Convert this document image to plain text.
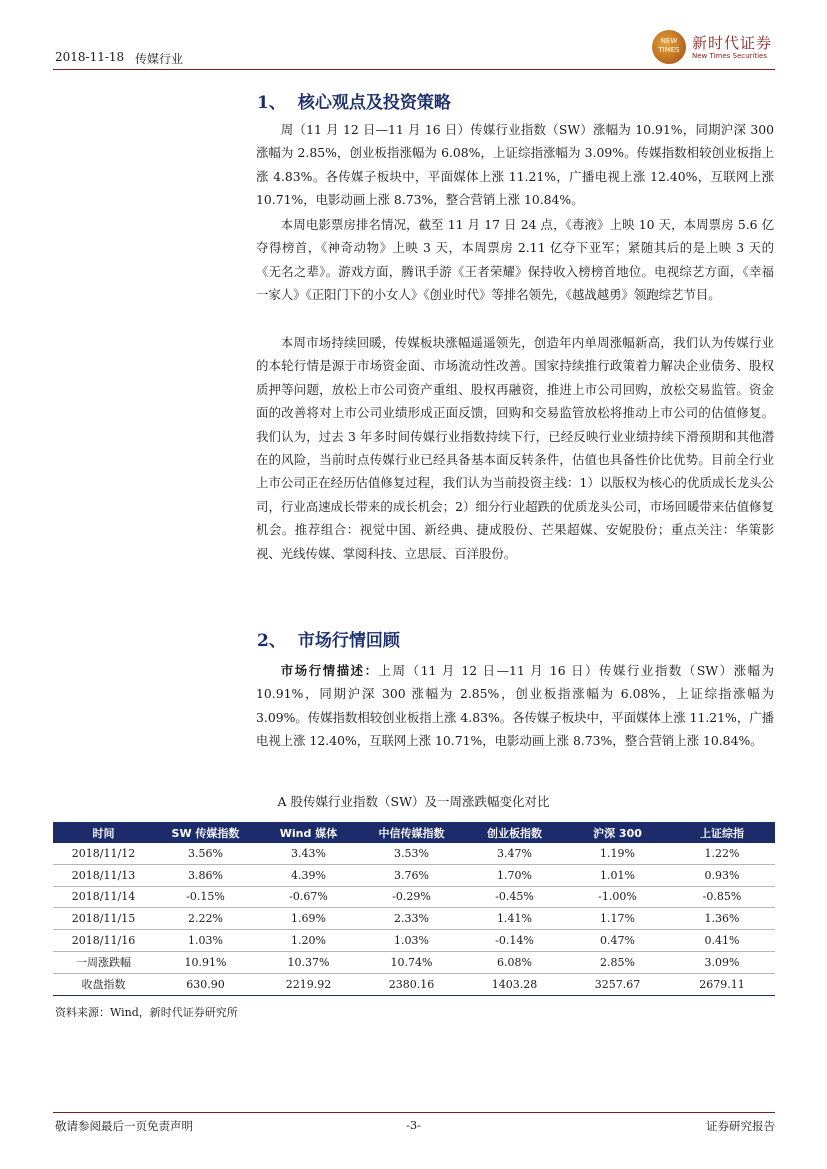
2018-11-18 传媒行业
NEW
TIMES 新时代证券
New Times Securities
1、 核心观点及投资策略

周（11 月 12 日—11 月 16 日）传媒行业指数（SW）涨幅为 10.91%，同期沪深 300 涨幅为 2.85%，创业板指涨幅为 6.08%，上证综指涨幅为 3.09%。传媒指数相较创业板指上涨 4.83%。各传媒子板块中，平面媒体上涨 11.21%，广播电视上涨 12.40%，互联网上涨 10.71%，电影动画上涨 8.73%，整合营销上涨 10.84%。

本周电影票房排名情况，截至 11 月 17 日 24 点，《毒液》上映 10 天，本周票房 5.6 亿夺得榜首，《神奇动物》上映 3 天，本周票房 2.11 亿夺下亚军；紧随其后的是上映 3 天的《无名之辈》。游戏方面，腾讯手游《王者荣耀》保持收入榜榜首地位。电视综艺方面，《幸福一家人》《正阳门下的小女人》《创业时代》等排名领先，《越战越勇》领跑综艺节目。

本周市场持续回暖，传媒板块涨幅遥遥领先，创造年内单周涨幅新高，我们认为传媒行业的本轮行情是源于市场资金面、市场流动性改善。国家持续推行政策着力解决企业债务、股权质押等问题，放松上市公司资产重组、股权再融资，推进上市公司回购，放松交易监管。资金面的改善将对上市公司业绩形成正面反馈，回购和交易监管放松将推动上市公司的估值修复。我们认为，过去 3 年多时间传媒行业指数持续下行，已经反映行业业绩持续下滑预期和其他潜在的风险，当前时点传媒行业已经具备基本面反转条件，估值也具备性价比优势。目前全行业上市公司正在经历估值修复过程，我们认为当前投资主线：1）以版权为核心的优质成长龙头公司，行业高速成长带来的成长机会；2）细分行业超跌的优质龙头公司，市场回暖带来估值修复机会。推荐组合：视觉中国、新经典、捷成股份、芒果超媒、安妮股份；重点关注：华策影视、光线传媒、掌阅科技、立思辰、百洋股份。

2、 市场行情回顾

市场行情描述：上周（11 月 12 日—11 月 16 日）传媒行业指数（SW）涨幅为 10.91%，同期沪深 300 涨幅为 2.85%，创业板指涨幅为 6.08%，上证综指涨幅为 3.09%。传媒指数相较创业板指上涨 4.83%。各传媒子板块中，平面媒体上涨 11.21%，广播电视上涨 12.40%，互联网上涨 10.71%，电影动画上涨 8.73%，整合营销上涨 10.84%。

A 股传媒行业指数（SW）及一周涨跌幅变化对比
时间	SW 传媒指数	Wind 媒体	中信传媒指数	创业板指数	沪深 300	上证综指
2018/11/12	3.56%	3.43%	3.53%	3.47%	1.19%	1.22%
2018/11/13	3.86%	4.39%	3.76%	1.70%	1.01%	0.93%
2018/11/14	-0.15%	-0.67%	-0.29%	-0.45%	-1.00%	-0.85%
2018/11/15	2.22%	1.69%	2.33%	1.41%	1.17%	1.36%
2018/11/16	1.03%	1.20%	1.03%	-0.14%	0.47%	0.41%
一周涨跌幅	10.91%	10.37%	10.74%	6.08%	2.85%	3.09%
收盘指数	630.90	2219.92	2380.16	1403.28	3257.67	2679.11
资料来源：Wind，新时代证券研究所
敬请参阅最后一页免责声明	-3-	证券研究报告
